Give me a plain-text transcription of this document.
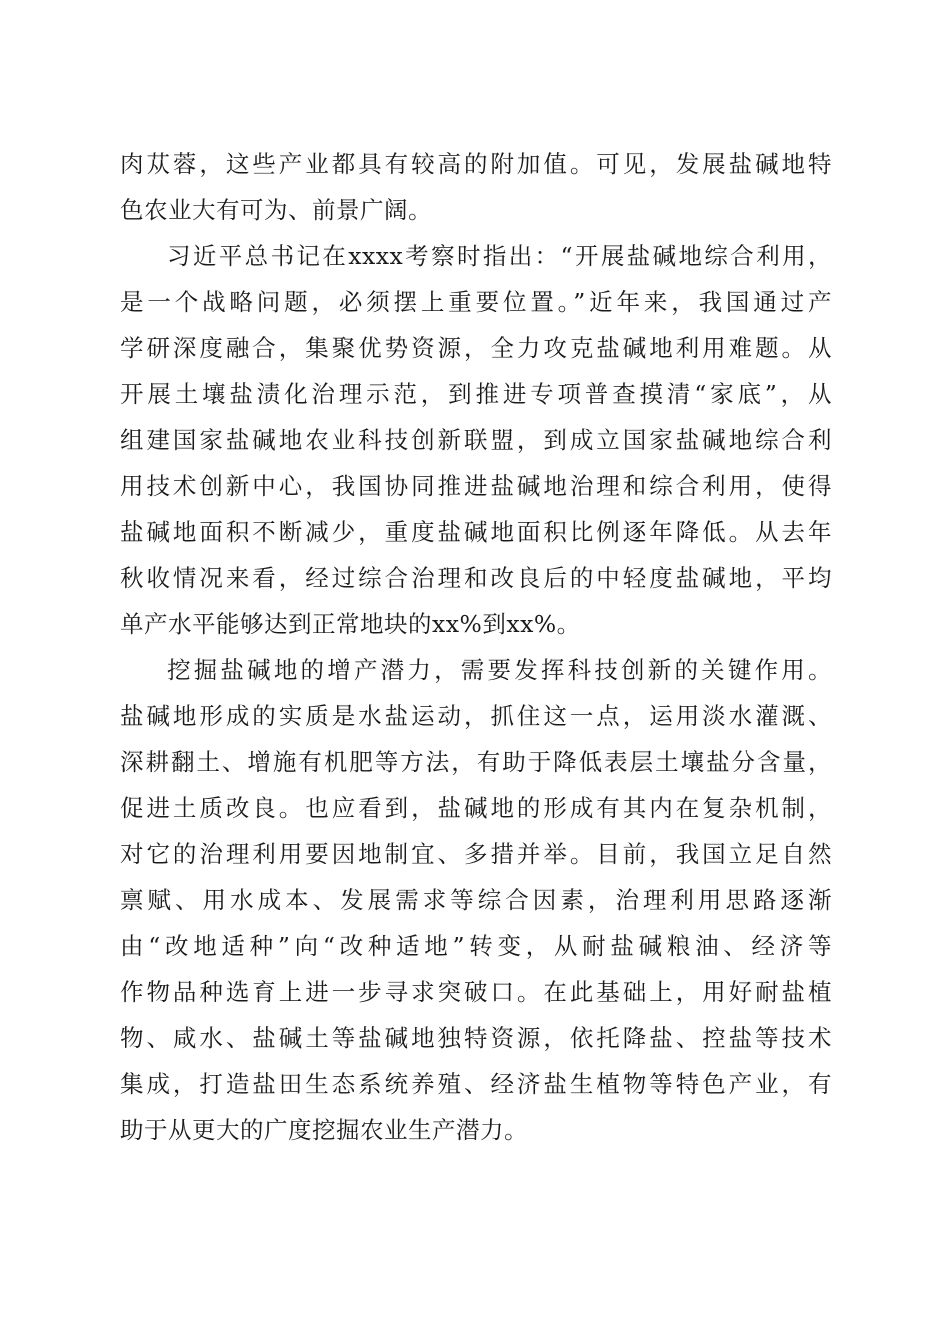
肉苁蓉，这些产业都具有较高的附加值。可见，发展盐碱地特
色农业大有可为、前景广阔。
习近平总书记在xxxx考察时指出：“开展盐碱地综合利用，
是一个战略问题，必须摆上重要位置。”近年来，我国通过产
学研深度融合，集聚优势资源，全力攻克盐碱地利用难题。从
开展土壤盐渍化治理示范，到推进专项普查摸清“家底”，从
组建国家盐碱地农业科技创新联盟，到成立国家盐碱地综合利
用技术创新中心，我国协同推进盐碱地治理和综合利用，使得
盐碱地面积不断减少，重度盐碱地面积比例逐年降低。从去年
秋收情况来看，经过综合治理和改良后的中轻度盐碱地，平均
单产水平能够达到正常地块的xx%到xx%。
挖掘盐碱地的增产潜力，需要发挥科技创新的关键作用。
盐碱地形成的实质是水盐运动，抓住这一点，运用淡水灌溉、
深耕翻土、增施有机肥等方法，有助于降低表层土壤盐分含量，
促进土质改良。也应看到，盐碱地的形成有其内在复杂机制，
对它的治理利用要因地制宜、多措并举。目前，我国立足自然
禀赋、用水成本、发展需求等综合因素，治理利用思路逐渐
由“改地适种”向“改种适地”转变，从耐盐碱粮油、经济等
作物品种选育上进一步寻求突破口。在此基础上，用好耐盐植
物、咸水、盐碱土等盐碱地独特资源，依托降盐、控盐等技术
集成，打造盐田生态系统养殖、经济盐生植物等特色产业，有
助于从更大的广度挖掘农业生产潜力。
